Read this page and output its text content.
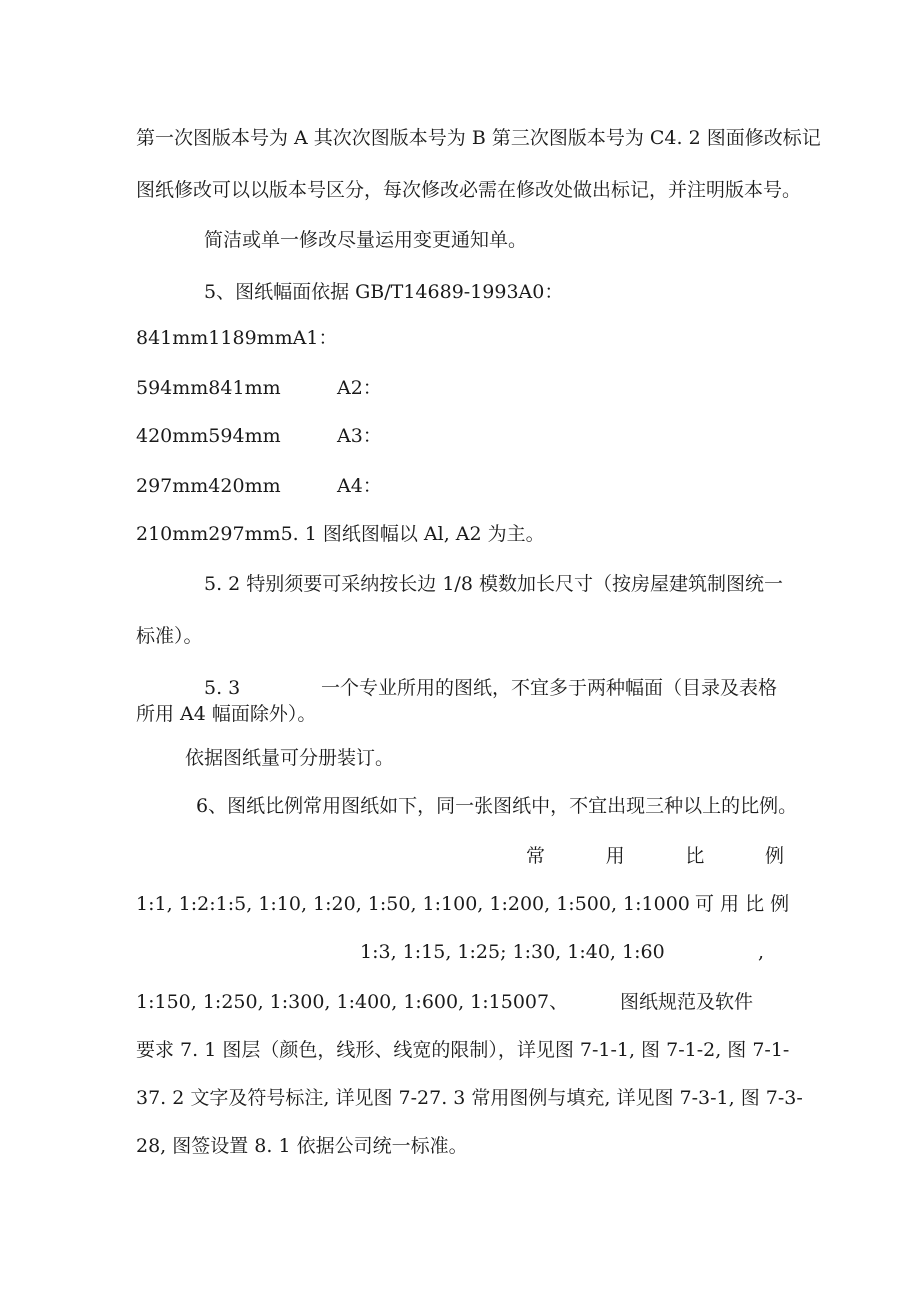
第一次图版本号为 A 其次次图版本号为 B 第三次图版本号为 C4. 2 图面修改标记

图纸修改可以以版本号区分，每次修改必需在修改处做出标记，并注明版本号。

简洁或单一修改尽量运用变更通知单。

5、图纸幅面依据 GB/T14689-1993A0：

841mm1189mmA1：

594mm841mm	A2：

420mm594mm	A3：

297mm420mm	A4：

210mm297mm5. 1 图纸图幅以 Al, A2 为主。

5. 2 特别须要可采纳按长边 1/8 模数加长尺寸（按房屋建筑制图统一

标准）。

5. 3	一个专业所用的图纸，不宜多于两种幅面（目录及表格

所用 A4 幅面除外）。

依据图纸量可分册装订。

6、图纸比例常用图纸如下，同一张图纸中，不宜出现三种以上的比例。

常	用	比	例

1:1, 1:2:1:5, 1:10, 1:20, 1:50, 1:100, 1:200, 1:500, 1:1000 可 用 比 例

1:3, 1:15, 1:25; 1:30, 1:40, 1:60	,

1:150, 1:250, 1:300, 1:400, 1:600, 1:15007、	图纸规范及软件

要求 7. 1 图层（颜色，线形、线宽的限制），详见图 7-1-1, 图 7-1-2, 图 7-1-

37. 2 文字及符号标注, 详见图 7-27. 3 常用图例与填充, 详见图 7-3-1, 图 7-3-

28, 图签设置 8. 1 依据公司统一标准。
